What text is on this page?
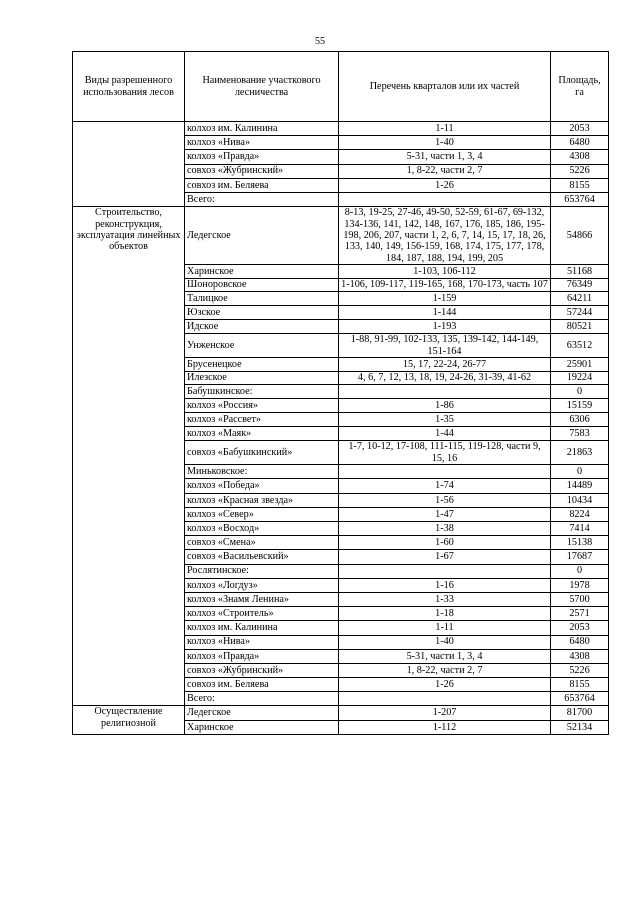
55
Виды разрешенного использования лесов	Наименование участкового лесничества	Перечень кварталов или их частей	Площадь, га
	колхоз им. Калинина	1-11	2053
	колхоз «Нива»	1-40	6480
	колхоз «Правда»	5-31, части 1, 3, 4	4308
	совхоз «Жубринский»	1, 8-22, части 2, 7	5226
	совхоз им. Беляева	1-26	8155
	Всего:		653764
Строительство, реконструкция, эксплуатация линейных объектов	Ледегское	8-13, 19-25, 27-46, 49-50, 52-59, 61-67, 69-132, 134-136, 141, 142, 148, 167, 176, 185, 186, 195-198, 206, 207, части 1, 2, 6, 7, 14, 15, 17, 18, 26, 133, 140, 149, 156-159, 168, 174, 175, 177, 178, 184, 187, 188, 194, 199, 205	54866
	Харинское	1-103, 106-112	51168
	Шоноровское	1-106, 109-117, 119-165, 168, 170-173, часть 107	76349
	Талицкое	1-159	64211
	Юзское	1-144	57244
	Идское	1-193	80521
	Унженское	1-88, 91-99, 102-133, 135, 139-142, 144-149, 151-164	63512
	Брусенецкое	15, 17, 22-24, 26-77	25901
	Илезское	4, 6, 7, 12, 13, 18, 19, 24-26, 31-39, 41-62	19224
	Бабушкинское:		0
	колхоз «Россия»	1-86	15159
	колхоз «Рассвет»	1-35	6306
	колхоз «Маяк»	1-44	7583
	совхоз «Бабушкинский»	1-7, 10-12, 17-108, 111-115, 119-128, части 9, 15, 16	21863
	Миньковское:		0
	колхоз «Победа»	1-74	14489
	колхоз «Красная звезда»	1-56	10434
	колхоз «Север»	1-47	8224
	колхоз «Восход»	1-38	7414
	совхоз «Смена»	1-60	15138
	совхоз «Васильевский»	1-67	17687
	Рослятинское:		0
	колхоз «Логдуз»	1-16	1978
	колхоз «Знамя Ленина»	1-33	5700
	колхоз «Строитель»	1-18	2571
	колхоз им. Калинина	1-11	2053
	колхоз «Нива»	1-40	6480
	колхоз «Правда»	5-31, части 1, 3, 4	4308
	совхоз «Жубринский»	1, 8-22, части 2, 7	5226
	совхоз им. Беляева	1-26	8155
	Всего:		653764
Осуществление религиозной	Ледегское	1-207	81700
	Харинское	1-112	52134
